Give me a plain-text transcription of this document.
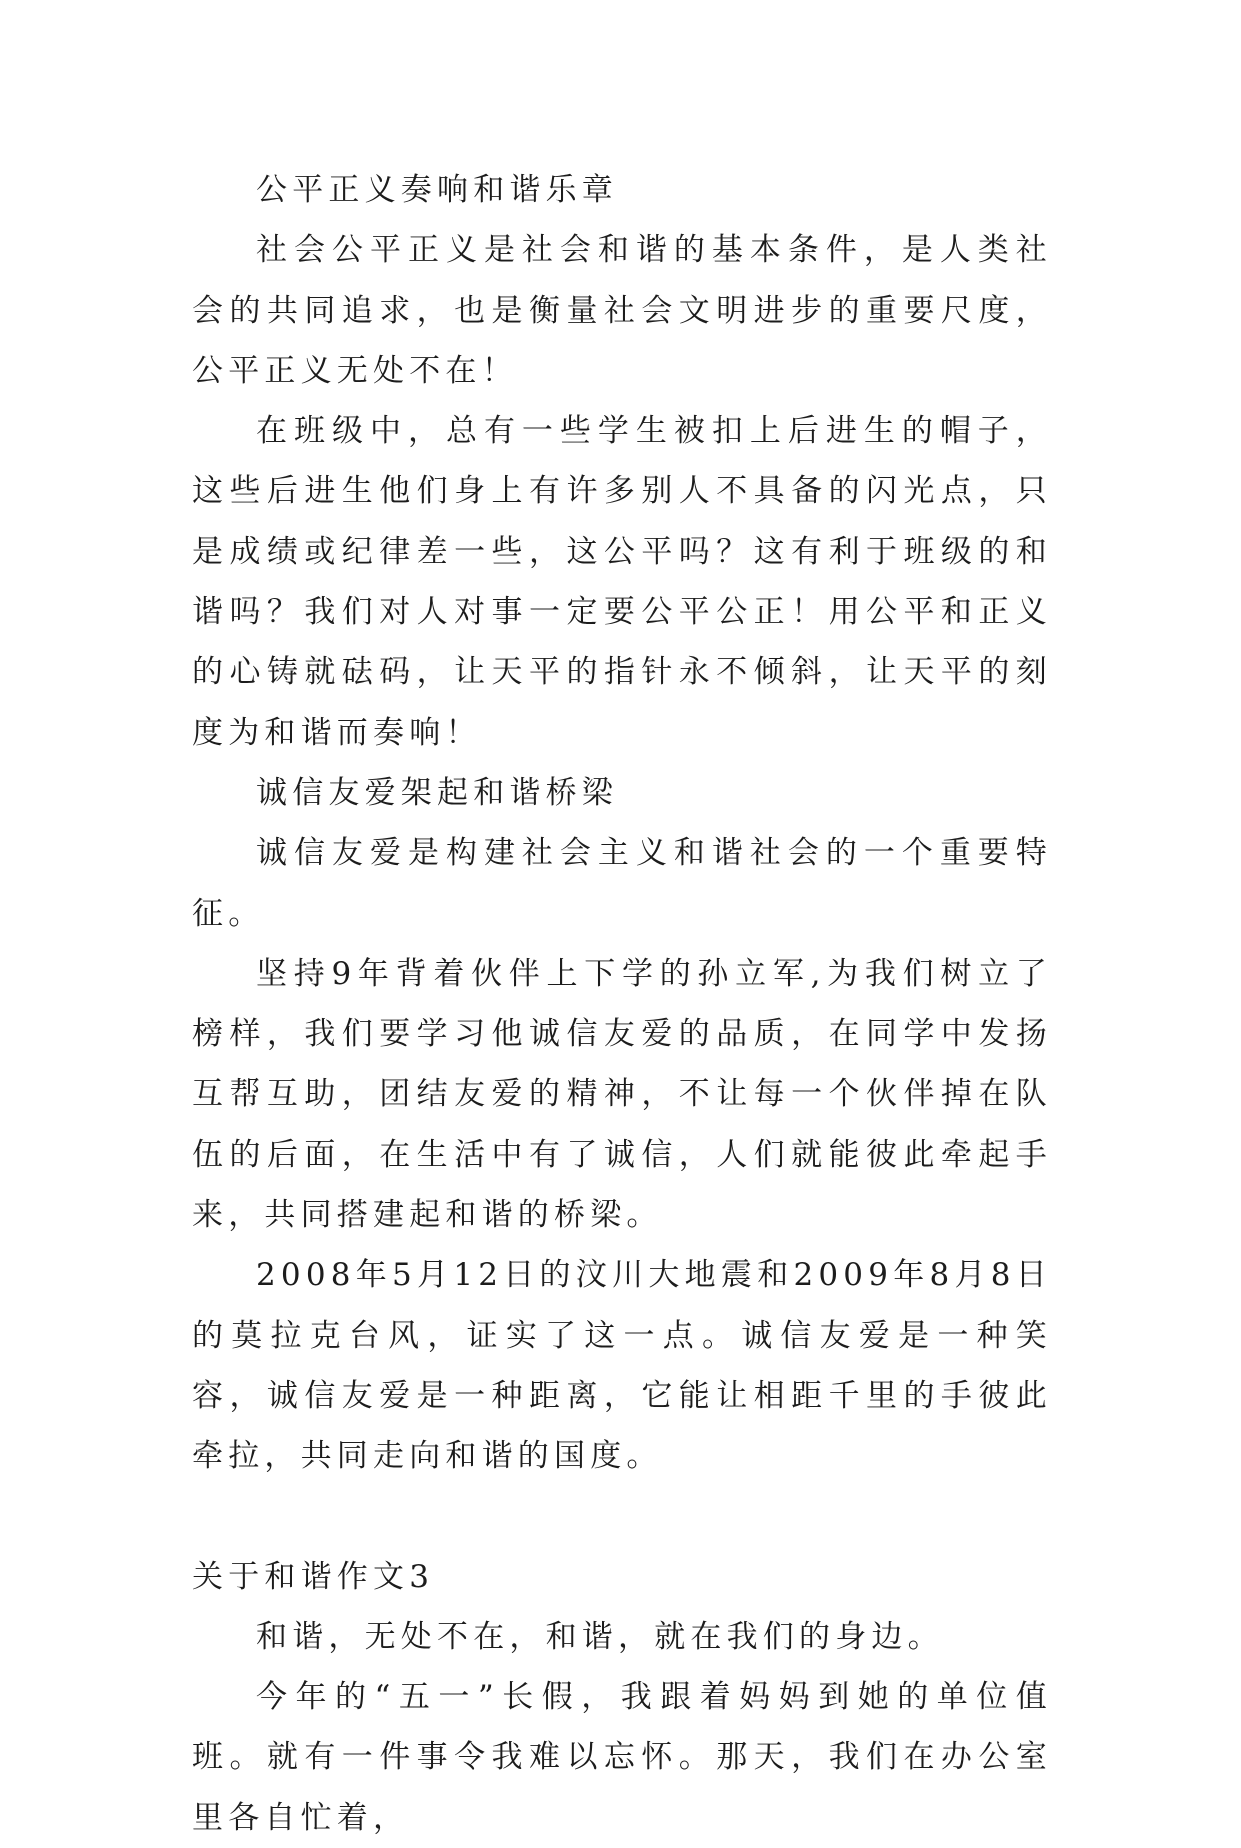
公平正义奏响和谐乐章

社会公平正义是社会和谐的基本条件，是人类社会的共同追求，也是衡量社会文明进步的重要尺度，公平正义无处不在！

在班级中，总有一些学生被扣上后进生的帽子，这些后进生他们身上有许多别人不具备的闪光点，只是成绩或纪律差一些，这公平吗？这有利于班级的和谐吗？我们对人对事一定要公平公正！用公平和正义的心铸就砝码，让天平的指针永不倾斜，让天平的刻度为和谐而奏响！

诚信友爱架起和谐桥梁

诚信友爱是构建社会主义和谐社会的一个重要特征。

坚持9年背着伙伴上下学的孙立军,为我们树立了榜样，我们要学习他诚信友爱的品质，在同学中发扬互帮互助，团结友爱的精神，不让每一个伙伴掉在队伍的后面，在生活中有了诚信，人们就能彼此牵起手来，共同搭建起和谐的桥梁。

2008年5月12日的汶川大地震和2009年8月8日的莫拉克台风，证实了这一点。诚信友爱是一种笑容，诚信友爱是一种距离，它能让相距千里的手彼此牵拉，共同走向和谐的国度。

关于和谐作文3

和谐，无处不在，和谐，就在我们的身边。

今年的“五一”长假，我跟着妈妈到她的单位值班。就有一件事令我难以忘怀。那天，我们在办公室里各自忙着，
